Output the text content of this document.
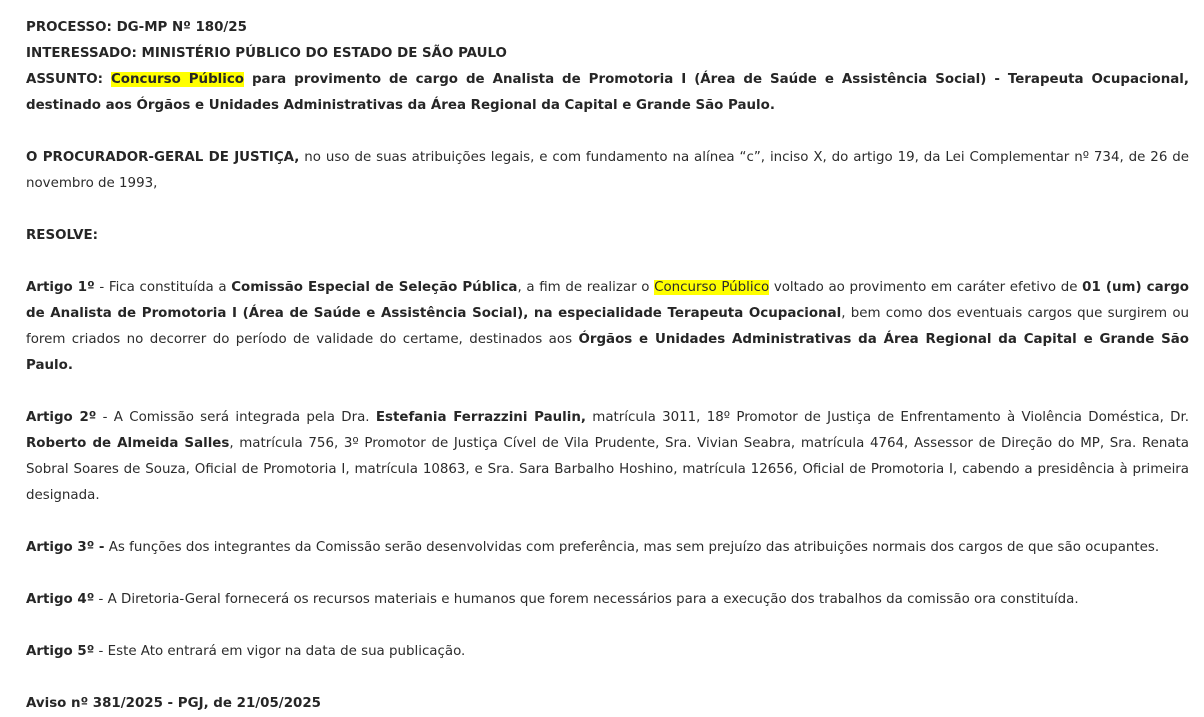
PROCESSO: DG-MP Nº 180/25

INTERESSADO: MINISTÉRIO PÚBLICO DO ESTADO DE SÃO PAULO

ASSUNTO: Concurso Público para provimento de cargo de Analista de Promotoria I (Área de Saúde e Assistência Social) - Terapeuta Ocupacional, destinado aos Órgãos e Unidades Administrativas da Área Regional da Capital e Grande São Paulo.

O PROCURADOR-GERAL DE JUSTIÇA, no uso de suas atribuições legais, e com fundamento na alínea “c”, inciso X, do artigo 19, da Lei Complementar nº 734, de 26 de novembro de 1993,

RESOLVE:

Artigo 1º - Fica constituída a Comissão Especial de Seleção Pública, a fim de realizar o Concurso Público voltado ao provimento em caráter efetivo de 01 (um) cargo de Analista de Promotoria I (Área de Saúde e Assistência Social), na especialidade Terapeuta Ocupacional, bem como dos eventuais cargos que surgirem ou forem criados no decorrer do período de validade do certame, destinados aos Órgãos e Unidades Administrativas da Área Regional da Capital e Grande São Paulo.

Artigo 2º - A Comissão será integrada pela Dra. Estefania Ferrazzini Paulin, matrícula 3011, 18º Promotor de Justiça de Enfrentamento à Violência Doméstica, Dr. Roberto de Almeida Salles, matrícula 756, 3º Promotor de Justiça Cível de Vila Prudente, Sra. Vivian Seabra, matrícula 4764, Assessor de Direção do MP, Sra. Renata Sobral Soares de Souza, Oficial de Promotoria I, matrícula 10863, e Sra. Sara Barbalho Hoshino, matrícula 12656, Oficial de Promotoria I, cabendo a presidência à primeira designada.

Artigo 3º - As funções dos integrantes da Comissão serão desenvolvidas com preferência, mas sem prejuízo das atribuições normais dos cargos de que são ocupantes.

Artigo 4º - A Diretoria-Geral fornecerá os recursos materiais e humanos que forem necessários para a execução dos trabalhos da comissão ora constituída.

Artigo 5º - Este Ato entrará em vigor na data de sua publicação.

Aviso nº 381/2025 - PGJ, de 21/05/2025
